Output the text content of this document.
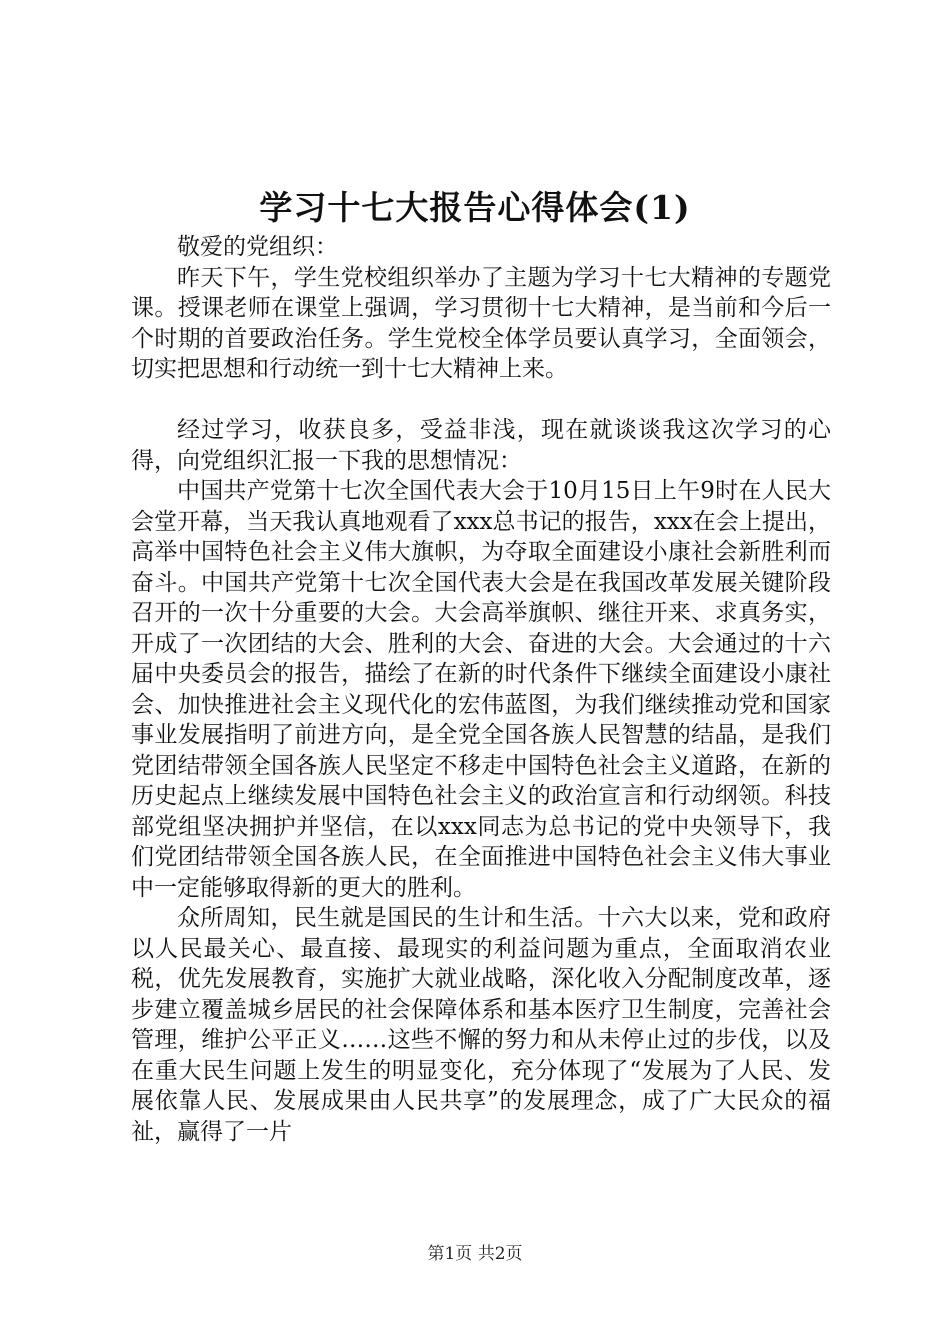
学习十七大报告心得体会(1)

敬爱的党组织：

昨天下午，学生党校组织举办了主题为学习十七大精神的专题党课。授课老师在课堂上强调，学习贯彻十七大精神，是当前和今后一个时期的首要政治任务。学生党校全体学员要认真学习，全面领会，切实把思想和行动统一到十七大精神上来。

经过学习，收获良多，受益非浅，现在就谈谈我这次学习的心得，向党组织汇报一下我的思想情况：

中国共产党第十七次全国代表大会于10月15日上午9时在人民大会堂开幕，当天我认真地观看了xxx总书记的报告，xxx在会上提出，高举中国特色社会主义伟大旗帜，为夺取全面建设小康社会新胜利而奋斗。中国共产党第十七次全国代表大会是在我国改革发展关键阶段召开的一次十分重要的大会。大会高举旗帜、继往开来、求真务实，开成了一次团结的大会、胜利的大会、奋进的大会。大会通过的十六届中央委员会的报告，描绘了在新的时代条件下继续全面建设小康社会、加快推进社会主义现代化的宏伟蓝图，为我们继续推动党和国家事业发展指明了前进方向，是全党全国各族人民智慧的结晶，是我们党团结带领全国各族人民坚定不移走中国特色社会主义道路，在新的历史起点上继续发展中国特色社会主义的政治宣言和行动纲领。科技部党组坚决拥护并坚信，在以xxx同志为总书记的党中央领导下，我们党团结带领全国各族人民，在全面推进中国特色社会主义伟大事业中一定能够取得新的更大的胜利。

众所周知，民生就是国民的生计和生活。十六大以来，党和政府以人民最关心、最直接、最现实的利益问题为重点，全面取消农业税，优先发展教育，实施扩大就业战略，深化收入分配制度改革，逐步建立覆盖城乡居民的社会保障体系和基本医疗卫生制度，完善社会管理，维护公平正义……这些不懈的努力和从未停止过的步伐，以及在重大民生问题上发生的明显变化，充分体现了“发展为了人民、发展依靠人民、发展成果由人民共享”的发展理念，成了广大民众的福祉，赢得了一片

第1页 共2页
